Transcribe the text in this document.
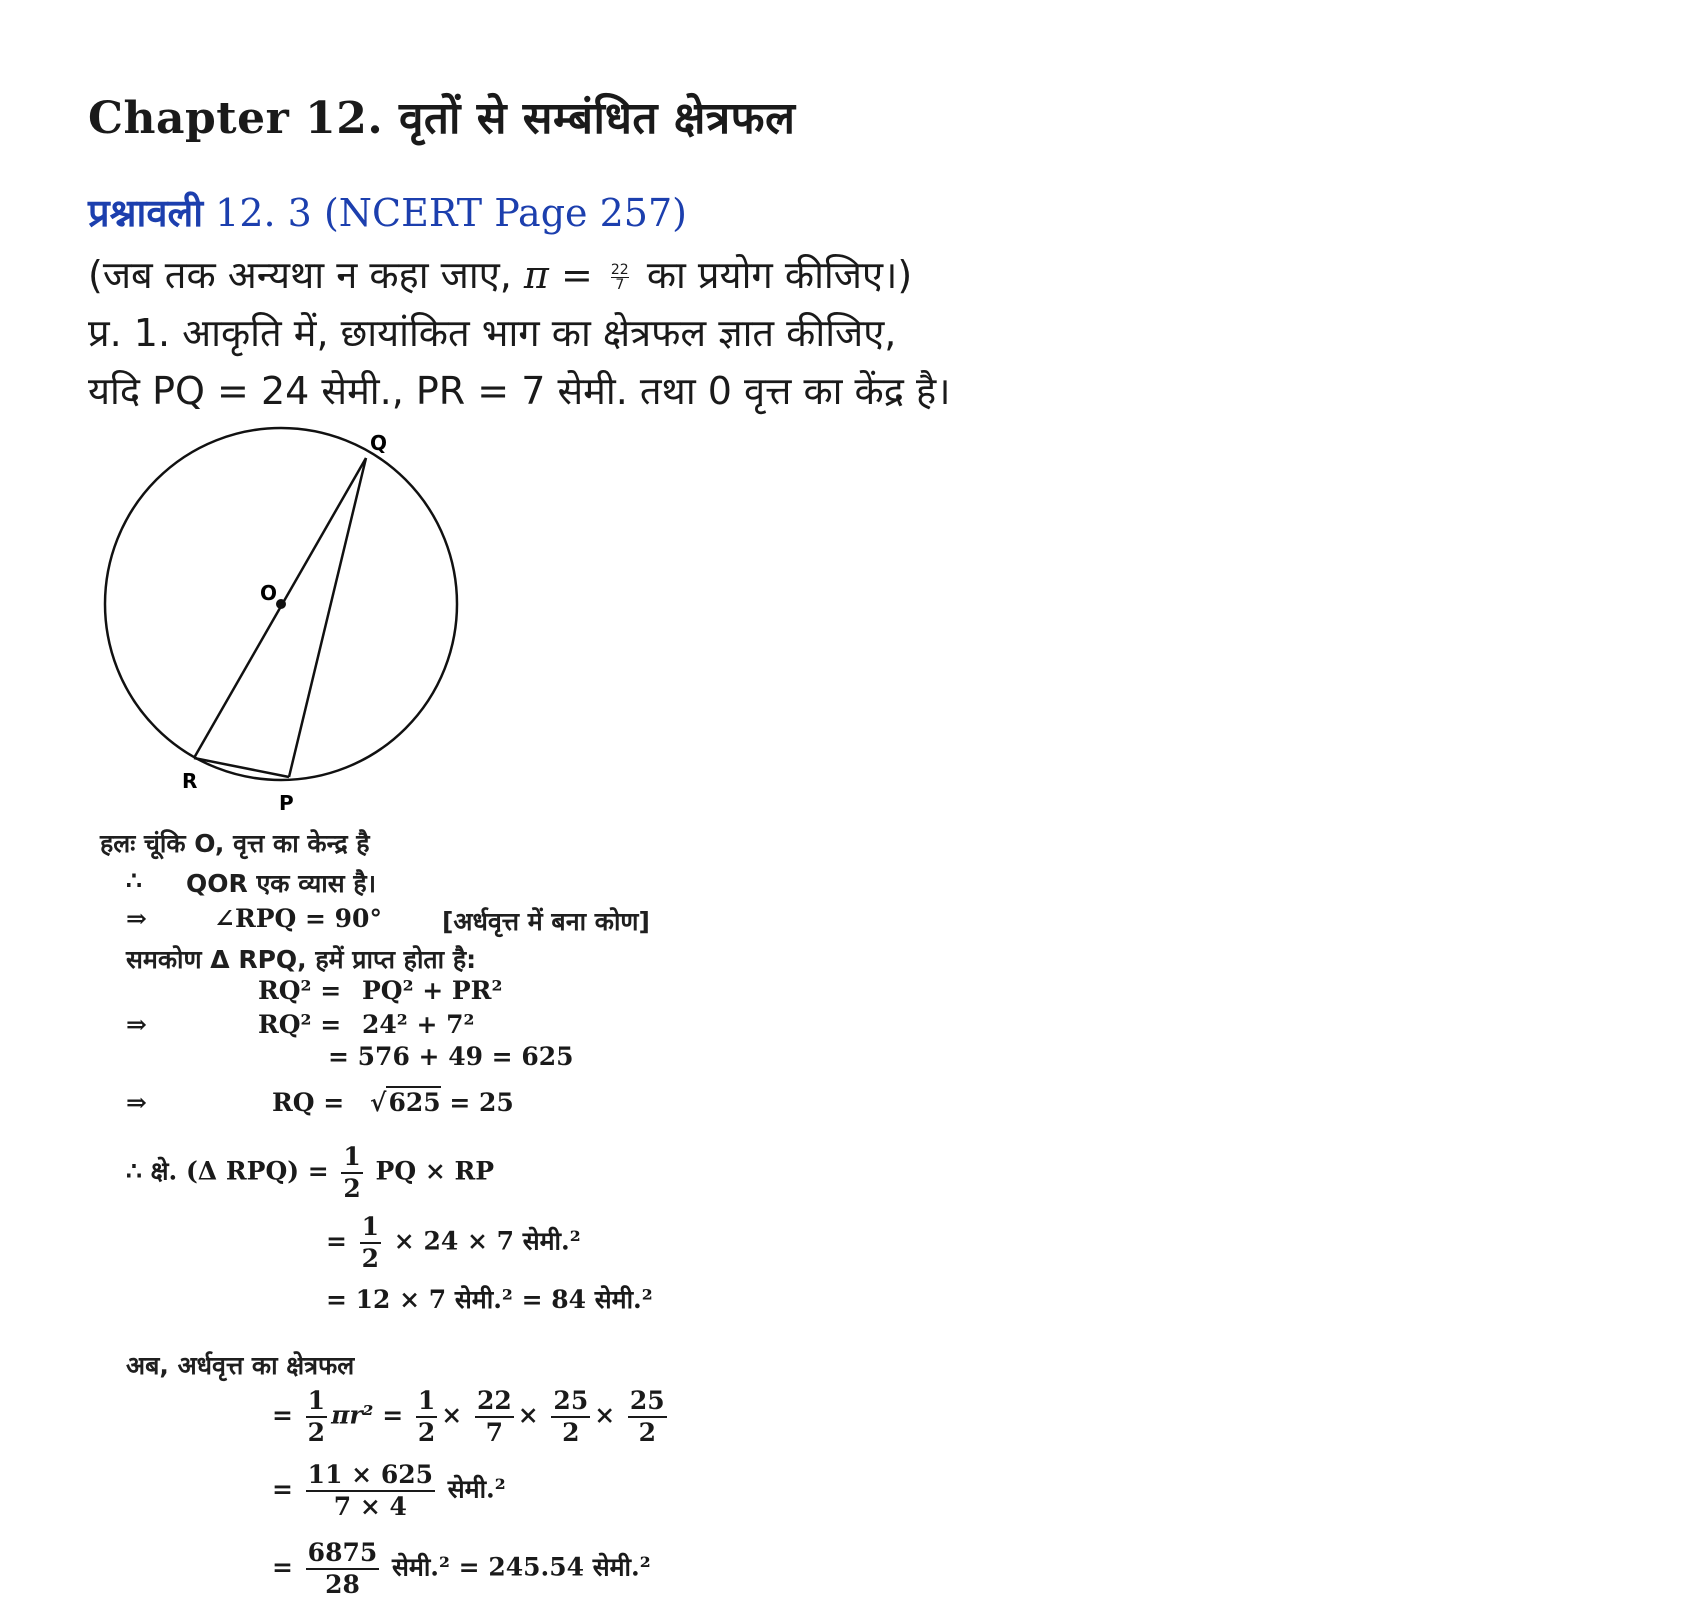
Chapter 12. वृतों से सम्बंधित क्षेत्रफल
प्रश्नावली 12. 3 (NCERT Page 257)
(जब तक अन्यथा न कहा जाए, $\pi = \frac{22}{7}$ का प्रयोग कीजिए।)
प्र. 1. आकृति में, छायांकित भाग का क्षेत्रफल ज्ञात कीजिए,
यदि PQ = 24 सेमी., PR = 7 सेमी. तथा 0 वृत्त का केंद्र है।
Q
O
R
P
हलः चूंकि O, वृत्त का केन्द्र है
∴ QOR एक व्यास है।
⇒	∠RPQ = 90° [अर्धवृत्त में बना कोण]
समकोण Δ RPQ, हमें प्राप्त होता है:
RQ² = PQ² + PR²
⇒	RQ² = 24² + 7²
= 576 + 49 = 625
⇒	RQ = √625 = 25
∴ क्षे. (Δ $RPQ) = \frac{1}{2}$ PQ × RP
= $\frac{1}{2} \times 24 \times 7$ सेमी.²
= 12 × 7 सेमी.² = 84 सेमी.²
अब, अर्धवृत्त का क्षेत्रफल
= $\frac{1}{2} \pi r^2 = \frac{1}{2} \times \frac{22}{7} \times \frac{25}{2} \times \frac{25}{2}$
= $\frac{11 \times 625}{7 \times 4}$ सेमी.²
= $\frac{6875}{28}$ सेमी.² = 245.54 सेमी.²
